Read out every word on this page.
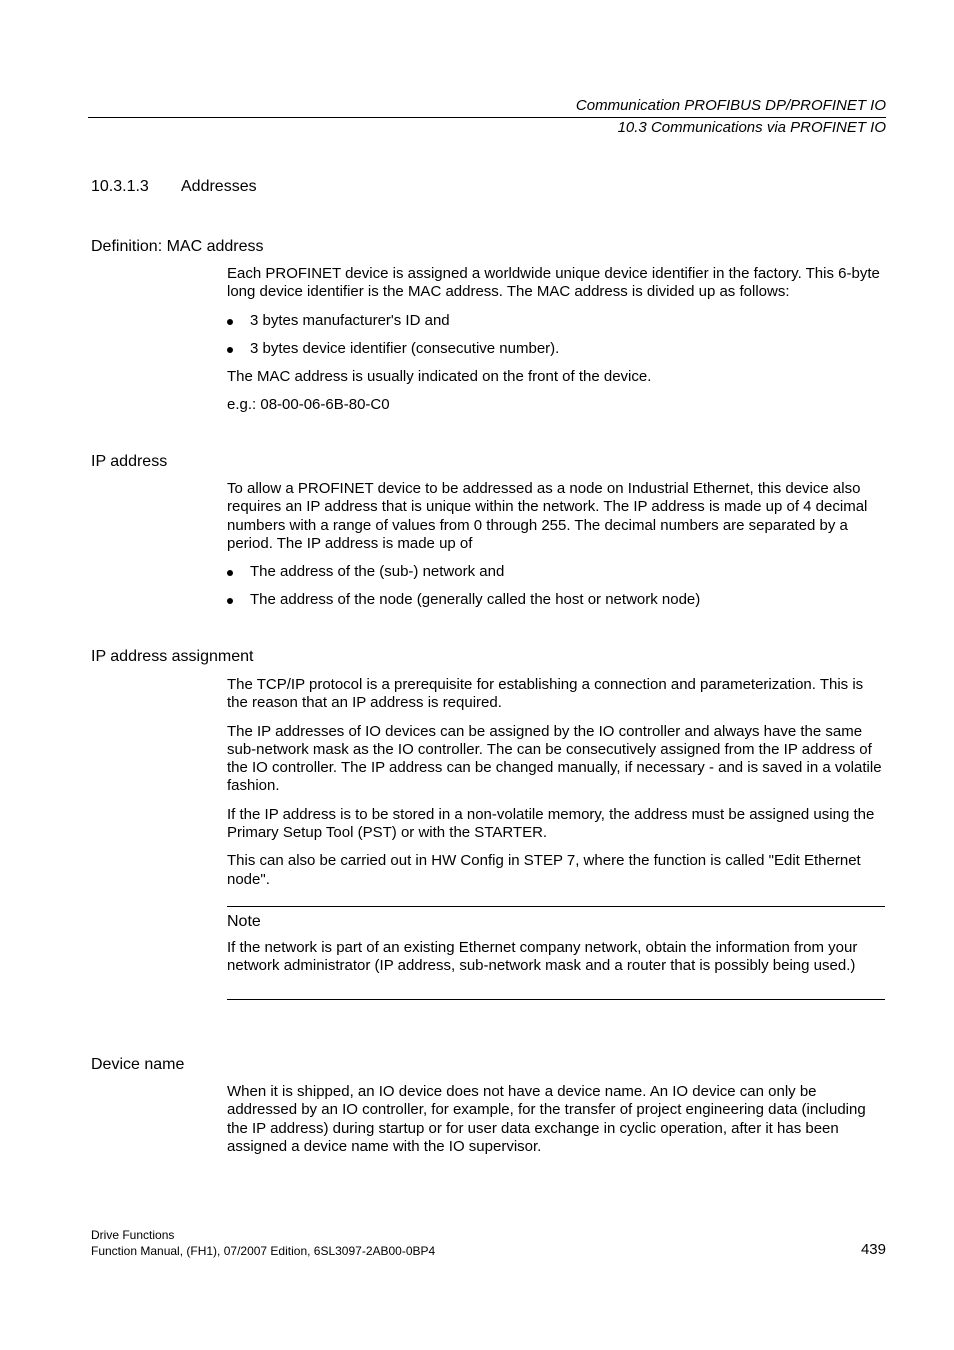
Communication PROFIBUS DP/PROFINET IO
10.3 Communications via PROFINET IO
10.3.1.3 Addresses
Definition: MAC address

Each PROFINET device is assigned a worldwide unique device identifier in the factory. This 6-byte long device identifier is the MAC address. The MAC address is divided up as follows:

3 bytes manufacturer's ID and
3 bytes device identifier (consecutive number).

The MAC address is usually indicated on the front of the device.

e.g.: 08-00-06-6B-80-C0

IP address

To allow a PROFINET device to be addressed as a node on Industrial Ethernet, this device also requires an IP address that is unique within the network. The IP address is made up of 4 decimal numbers with a range of values from 0 through 255. The decimal numbers are separated by a period. The IP address is made up of

The address of the (sub-) network and
The address of the node (generally called the host or network node)
IP address assignment

The TCP/IP protocol is a prerequisite for establishing a connection and parameterization. This is the reason that an IP address is required.

The IP addresses of IO devices can be assigned by the IO controller and always have the same sub-network mask as the IO controller. The can be consecutively assigned from the IP address of the IO controller. The IP address can be changed manually, if necessary - and is saved in a volatile fashion.

If the IP address is to be stored in a non-volatile memory, the address must be assigned using the Primary Setup Tool (PST) or with the STARTER.

This can also be carried out in HW Config in STEP 7, where the function is called "Edit Ethernet node".

Note
If the network is part of an existing Ethernet company network, obtain the information from your network administrator (IP address, sub-network mask and a router that is possibly being used.)
Device name

When it is shipped, an IO device does not have a device name. An IO device can only be addressed by an IO controller, for example, for the transfer of project engineering data (including the IP address) during startup or for user data exchange in cyclic operation, after it has been assigned a device name with the IO supervisor.

Drive Functions
Function Manual, (FH1), 07/2007 Edition, 6SL3097-2AB00-0BP4	439
